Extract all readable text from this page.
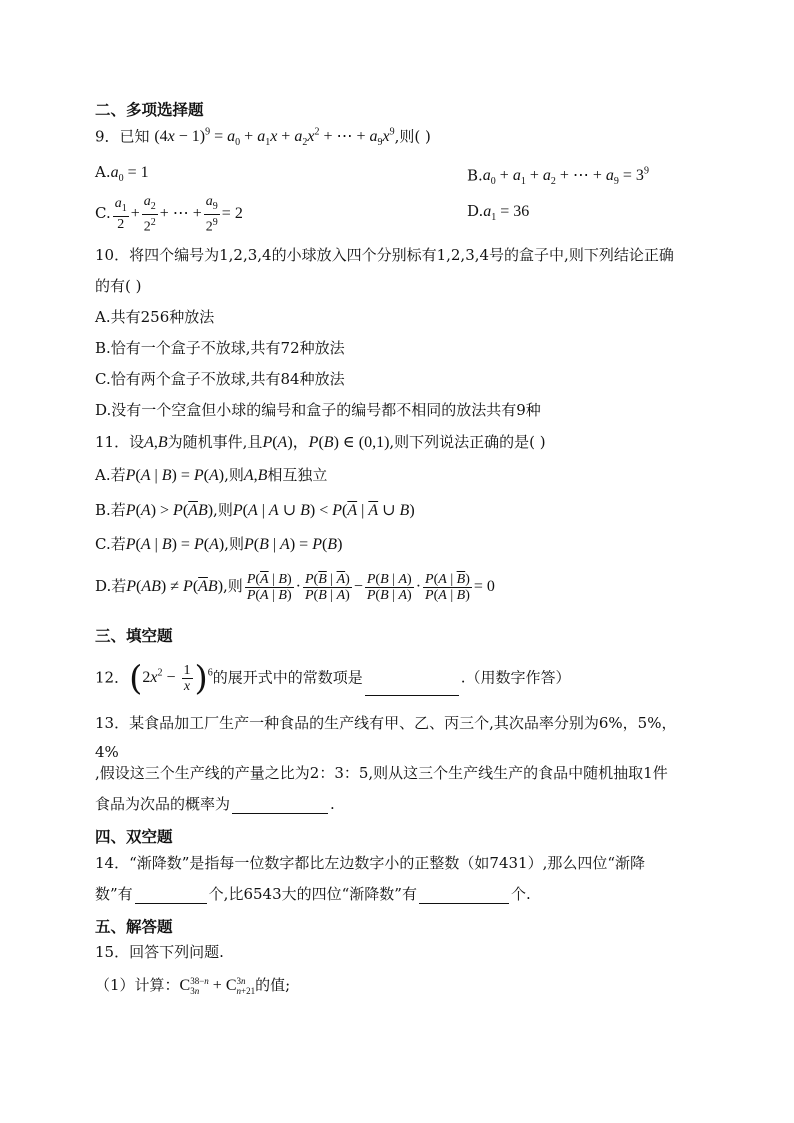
二、多项选择题
9．已知 $(4x - 1)^9 = a_0 + a_1x + a_2x^2$ + ⋯ + $a_9x^9$,则( )
$A.a_0 = 1$	$B.a_0 + a_1 + a_2$ + ⋯ + $a_9 = 3^9$
C. $\frac{a_1}{2} + \frac{a_2}{2^2}$ + ⋯ + $\frac{a_9}{2^9} = 2$	$D.a_1 = 36$
10．将四个编号为1,2,3,4的小球放入四个分别标有1,2,3,4号的盒子中,则下列结论正确
的有( )
A.共有256种放法
B.恰有一个盒子不放球,共有72种放法
C.恰有两个盒子不放球,共有84种放法
D.没有一个空盒但小球的编号和盒子的编号都不相同的放法共有9种
11．设A,B为随机事件,且P(A)，P(B) ∈ (0,1),则下列说法正确的是( )
A.若P(A | B) = P(A),则A,B相互独立
B.若$P(A) > P(\overline{A}B)$,则P(A | A ∪ $B) < P(\overline{A}$ | $\overline{A}$ ∪ B)
C.若P(A | B) = P(A),则P(B | A) = P(B)
D.若$P(AB) \ne P(\overline{A}B)$,则 $\frac{P(\overline{A} | B)}{P(A | B)} \cdot \frac{P(\overline{B} | \overline{A})}{P(B | \overline{A})} - \frac{P(B | A)}{P(B | A)} \cdot \frac{P(A | \overline{B})}{P(\overline{A} | \overline{B})} = 0$
三、填空题
12．$(2x^2 - \frac{1}{x} )^6$的展开式中的常数项是	.（用数字作答）
13．某食品加工厂生产一种食品的生产线有甲、乙、丙三个,其次品率分别为6%，5%，
4%
,假设这三个生产线的产量之比为2：3：5,则从这三个生产线生产的食品中随机抽取1件
食品为次品的概率为	.
四、双空题
14．“渐降数”是指每一位数字都比左边数字小的正整数（如7431）,那么四位“渐降
数”有	个,比6543大的四位“渐降数”有	个.
五、解答题
15．回答下列问题.
（1）计算：C 38−n
3n + C 3n
n+21 的值;
